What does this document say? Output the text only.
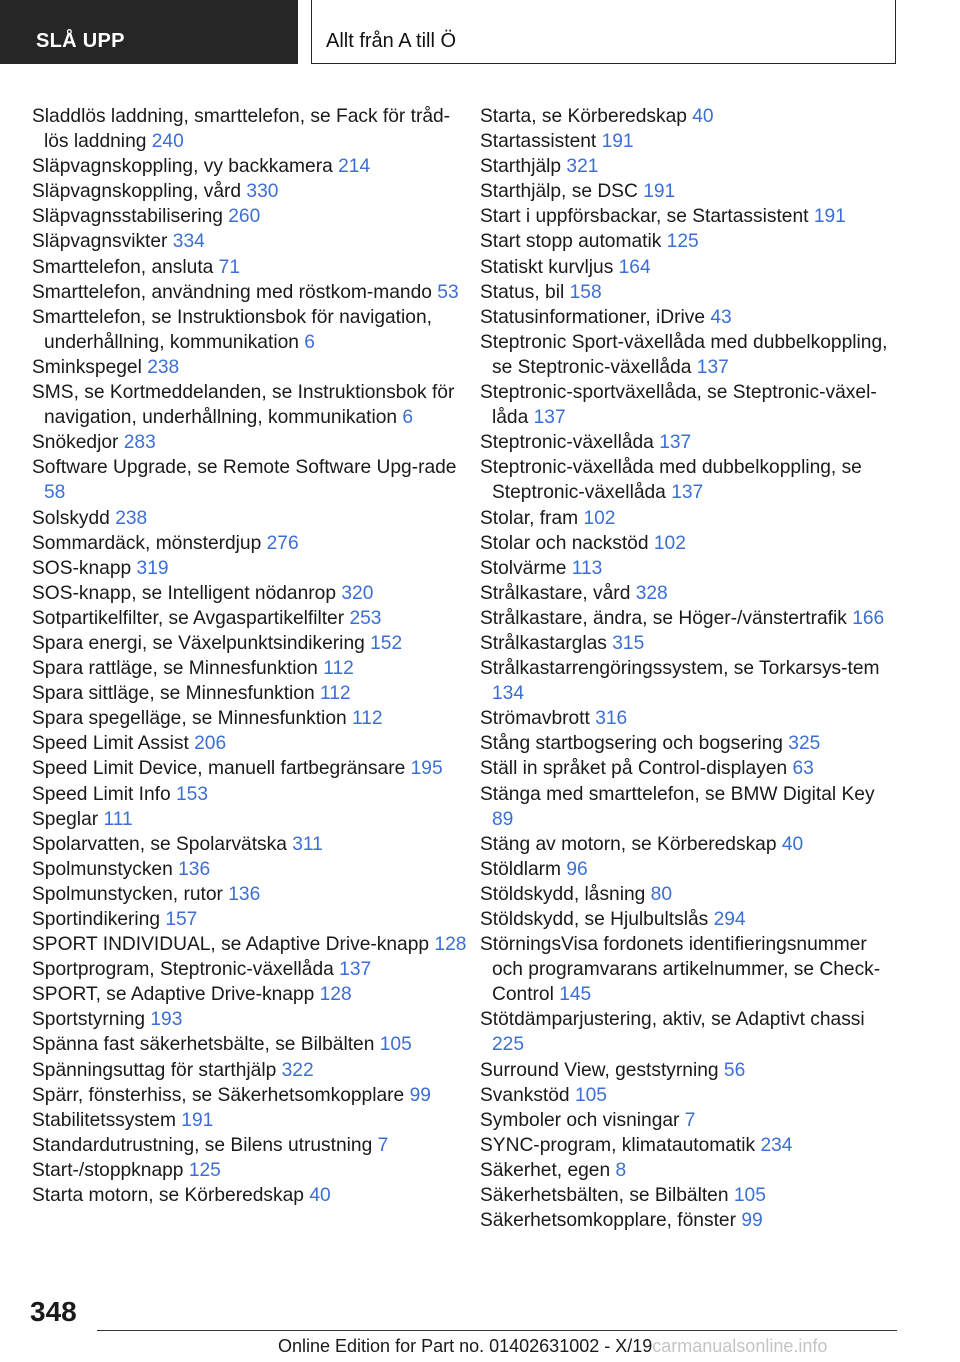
SLÅ UPP	Allt från A till Ö
Sladdlös laddning, smarttelefon, se Fack för tråd-lös laddning 240
Släpvagnskoppling, vy backkamera 214
Släpvagnskoppling, vård 330
Släpvagnsstabilisering 260
Släpvagnsvikter 334
Smarttelefon, ansluta 71
Smarttelefon, användning med röstkom-mando 53
Smarttelefon, se Instruktionsbok för navigation, underhållning, kommunikation 6
Sminkspegel 238
SMS, se Kortmeddelanden, se Instruktionsbok för navigation, underhållning, kommunikation 6
Snökedjor 283
Software Upgrade, se Remote Software Upg-rade 58
Solskydd 238
Sommardäck, mönsterdjup 276
SOS-knapp 319
SOS-knapp, se Intelligent nödanrop 320
Sotpartikelfilter, se Avgaspartikelfilter 253
Spara energi, se Växelpunktsindikering 152
Spara rattläge, se Minnesfunktion 112
Spara sittläge, se Minnesfunktion 112
Spara spegelläge, se Minnesfunktion 112
Speed Limit Assist 206
Speed Limit Device, manuell fartbegränsare 195
Speed Limit Info 153
Speglar 111
Spolarvatten, se Spolarvätska 311
Spolmunstycken 136
Spolmunstycken, rutor 136
Sportindikering 157
SPORT INDIVIDUAL, se Adaptive Drive-knapp 128
Sportprogram, Steptronic-växellåda 137
SPORT, se Adaptive Drive-knapp 128
Sportstyrning 193
Spänna fast säkerhetsbälte, se Bilbälten 105
Spänningsuttag för starthjälp 322
Spärr, fönsterhiss, se Säkerhetsomkopplare 99
Stabilitetssystem 191
Standardutrustning, se Bilens utrustning 7
Start-/stoppknapp 125
Starta motorn, se Körberedskap 40
Starta, se Körberedskap 40
Startassistent 191
Starthjälp 321
Starthjälp, se DSC 191
Start i uppförsbackar, se Startassistent 191
Start stopp automatik 125
Statiskt kurvljus 164
Status, bil 158
Statusinformationer, iDrive 43
Steptronic Sport-växellåda med dubbelkoppling, se Steptronic-växellåda 137
Steptronic-sportväxellåda, se Steptronic-växel-låda 137
Steptronic-växellåda 137
Steptronic-växellåda med dubbelkoppling, se Steptronic-växellåda 137
Stolar, fram 102
Stolar och nackstöd 102
Stolvärme 113
Strålkastare, vård 328
Strålkastare, ändra, se Höger-/vänstertrafik 166
Strålkastarglas 315
Strålkastarrengöringssystem, se Torkarsys-tem 134
Strömavbrott 316
Stång startbogsering och bogsering 325
Ställ in språket på Control-displayen 63
Stänga med smarttelefon, se BMW Digital Key 89
Stäng av motorn, se Körberedskap 40
Stöldlarm 96
Stöldskydd, låsning 80
Stöldskydd, se Hjulbultslås 294
StörningsVisa fordonets identifieringsnummer och programvarans artikelnummer, se Check-Control 145
Stötdämparjustering, aktiv, se Adaptivt chassi 225
Surround View, geststyrning 56
Svankstöd 105
Symboler och visningar 7
SYNC-program, klimatautomatik 234
Säkerhet, egen 8
Säkerhetsbälten, se Bilbälten 105
Säkerhetsomkopplare, fönster 99
348
Online Edition for Part no. 01402631002 - X/19carmanualsonline.info
